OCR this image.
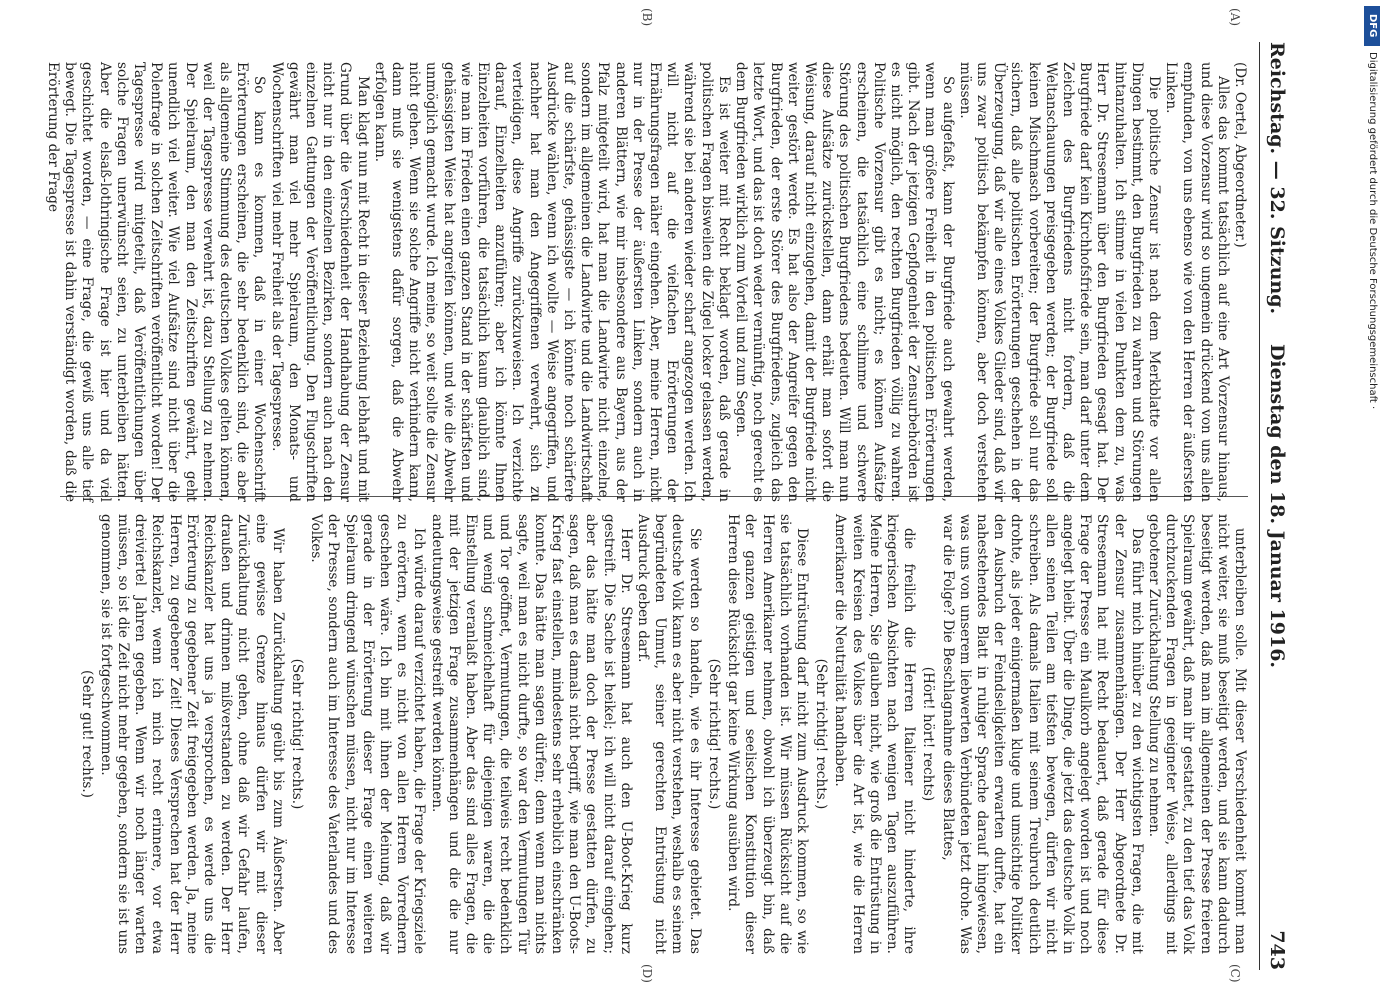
Reichstag. — 32. Sitzung.
Dienstag den 18. Januar 1916.
743
(A)
(B)
(C)
(D)

(Dr. Oertel, Abgeordneter.)

Alles das kommt tatsächlich auf eine Art Vorzensur hinaus, und diese Vorzensur wird so ungemein drückend von uns allen empfunden, von uns ebenso wie von den Herren der äußersten Linken.

Die politische Zensur ist nach dem Merkblatte vor allen Dingen bestimmt, den Burgfrieden zu wahren und Störungen hintanzuhalten. Ich stimme in vielen Punkten dem zu, was Herr Dr. Stresemann über den Burgfrieden gesagt hat. Der Burgfriede darf kein Kirchhofsfriede sein, man darf unter dem Zeichen des Burgfriedens nicht fordern, daß die Weltanschauungen preisgegeben werden; der Burgfriede soll keinen Mischmasch vorbereiten; der Burgfriede soll nur das sichern, daß alle politischen Erörterungen geschehen in der Überzeugung, daß wir alle eines Volkes Glieder sind, daß wir uns zwar politisch bekämpfen können, aber doch verstehen müssen.

So aufgefaßt, kann der Burgfriede auch gewahrt werden, wenn man größere Freiheit in den politischen Erörterungen gibt. Nach der jetzigen Gepflogenheit der Zensurbehörden ist es nicht möglich, den rechten Burgfrieden völlig zu wahren. Politische Vorzensur gibt es nicht; es können Aufsätze erscheinen, die tatsächlich eine schlimme und schwere Störung des politischen Burgfriedens bedeuten. Will man nun diese Aufsätze zurückstellen, dann erhält man sofort die Weisung, darauf nicht einzugehen, damit der Burgfriede nicht weiter gestört werde. Es hat also der Angreifer gegen den Burgfrieden, der erste Störer des Burgfriedens, zugleich das letzte Wort, und das ist doch weder vernünftig, noch gerecht es dem Burgfrieden wirklich zum Vorteil und zum Segen.

Es ist weiter mit Recht beklagt worden, daß gerade in politischen Fragen bisweilen die Zügel locker gelassen werden, während sie bei anderen wieder scharf angezogen werden. Ich will nicht auf die vielfachen Erörterungen der Ernährungsfragen näher eingehen. Aber, meine Herren, nicht nur in der Presse der äußersten Linken, sondern auch in anderen Blättern, wie mir insbesondere aus Bayern, aus der Pfalz mitgeteilt wird, hat man die Landwirte nicht einzelne, sondern im allgemeinen die Landwirte und die Landwirtschaft auf die schärfste, gehässigste — ich könnte noch schärfere Ausdrücke wählen, wenn ich wollte — Weise angegriffen, und nachher hat man den Angegriffenen verwehrt, sich zu verteidigen, diese Angriffe zurückzuweisen. Ich verzichte darauf, Einzelheiten anzuführen; aber ich könnte Ihnen Einzelheiten vorführen, die tatsächlich kaum glaublich sind, wie man im Frieden einen ganzen Stand in der schärfsten und gehässigsten Weise hat angreifen können, und wie die Abwehr unmöglich gemacht wurde. Ich meine, so weit sollte die Zensur nicht gehen. Wenn sie solche Angriffe nicht verhindern kann, dann muß sie wenigstens dafür sorgen, daß die Abwehr erfolgen kann.

Man klagt nun mit Recht in dieser Beziehung lebhaft und mit Grund über die Verschiedenheit der Handhabung der Zensur nicht nur in den einzelnen Bezirken, sondern auch nach den einzelnen Gattungen der Veröffentlichung. Den Flugschriften gewährt man viel mehr Spielraum, den Monats- und Wochenschriften viel mehr Freiheit als der Tagespresse.

So kann es kommen, daß in einer Wochenschrift Erörterungen erscheinen, die sehr bedenklich sind, die aber als allgemeine Stimmung des deutschen Volkes gelten können, weil der Tagespresse verwehrt ist, dazu Stellung zu nehmen. Der Spielraum, den man den Zeitschriften gewährt, geht unendlich viel weiter. Wie viel Aufsätze sind nicht über die Polenfrage in solchen Zeitschriften veröffentlicht worden! Der Tagespresse wird mitgeteilt, daß Veröffentlichungen über solche Fragen unerwünscht seien, zu unterbleiben hätten. Aber die elsaß-lothringische Frage ist hier und da viel geschichtet worden, — eine Frage, die gewiß uns alle tief bewegt. Die Tagespresse ist dahin verständigt worden, daß die Erörterung der Frage

unterbleiben solle. Mit dieser Verschiedenheit kommt man nicht weiter, sie muß beseitigt werden, und sie kann dadurch beseitigt werden, daß man im allgemeinen der Presse freieren Spielraum gewährt, daß man ihr gestattet, zu den tief das Volk durchzuckenden Fragen in geeigneter Weise, allerdings mit gebotener Zurückhaltung Stellung zu nehmen.

Das führt mich hinüber zu den wichtigsten Fragen, die mit der Zensur zusammenhängen. Der Herr Abgeordnete Dr. Stresemann hat mit Recht bedauert, daß gerade für diese Frage der Presse ein Maulkorb angelegt worden ist und noch angelegt bleibt. Über die Dinge, die jetzt das deutsche Volk in allen seinen Teilen am tiefsten bewegen, dürfen wir nicht schreiben. Als damals Italien mit seinem Treubruch deutlich drohte, als jeder einigermaßen kluge und umsichtige Politiker den Ausbruch der Feindseligkeiten erwarten durfte, hat ein nahestehendes Blatt in ruhiger Sprache darauf hingewiesen, was uns von unserem liebwerten Verbündeten jetzt drohe. Was war die Folge? Die Beschlagnahme dieses Blattes,

(Hört! hört! rechts)

die freilich die Herren Italiener nicht hinderte, ihre kriegerischen Absichten nach wenigen Tagen auszuführen. Meine Herren, Sie glauben nicht, wie groß die Entrüstung in weiten Kreisen des Volkes über die Art ist, wie die Herren Amerikaner die Neutralität handhaben.

(Sehr richtig! rechts.)

Diese Entrüstung darf nicht zum Ausdruck kommen, so wie sie tatsächlich vorhanden ist. Wir müssen Rücksicht auf die Herren Amerikaner nehmen, obwohl ich überzeugt bin, daß der ganzen geistigen und seelischen Konstitution dieser Herren diese Rücksicht gar keine Wirkung ausüben wird.

(Sehr richtig! rechts.)

Sie werden so handeln, wie es ihr Interesse gebietet. Das deutsche Volk kann es aber nicht verstehen, weshalb es seinem begründeten Unmut, seiner gerechten Entrüstung nicht Ausdruck geben darf.

Herr Dr. Stresemann hat auch den U-Boot-Krieg kurz gestreift. Die Sache ist heikel; ich will nicht darauf eingehen; aber das hätte man doch der Presse gestatten dürfen, zu sagen, daß man es damals nicht begriff, wie man den U-Boots-Krieg fast einstellen, mindestens sehr erheblich einschränken konnte. Das hätte man sagen dürfen; denn wenn man nichts sagte, weil man es nicht durfte, so war den Vermutungen Tür und Tor geöffnet, Vermutungen, die teilweis recht bedenklich und wenig schmeichelhaft für diejenigen waren, die die Einstellung veranlaßt haben. Aber das sind alles Fragen, die mit der jetzigen Frage zusammenhängen und die die nur andeutungsweise gestreift werden können.

Ich würde darauf verzichtet haben, die Frage der Kriegsziele zu erörtern, wenn es nicht von allen Herren Vorrednern geschehen wäre. Ich bin mit ihnen der Meinung, daß wir gerade in der Erörterung dieser Frage einen weiteren Spielraum dringend wünschen müssen, nicht nur im Interesse der Presse, sondern auch im Interesse des Vaterlandes und des Volkes.

(Sehr richtig! rechts.)

Wir haben Zurückhaltung geübt bis zum Äußersten. Aber eine gewisse Grenze hinaus dürfen wir mit dieser Zurückhaltung nicht gehen, ohne daß wir Gefahr laufen, draußen und drinnen mißverstanden zu werden. Der Herr Reichskanzler hat uns ja versprochen, es werde uns die Erörterung zu gegebener Zeit freigegeben werden. Ja, meine Herren, zu gegebener Zeit! Dieses Versprechen hat der Herr Reichskanzler, wenn ich mich recht erinnere, vor etwa dreiviertel Jahren gegeben. Wenn wir noch länger warten müssen, so ist die Zeit nicht mehr gegeben, sondern sie ist uns genommen, sie ist fortgeschwommen.

(Sehr gut! rechts.)

DFG
Digitalisierung gefördert durch die Deutsche Forschungsgemeinschaft ·
